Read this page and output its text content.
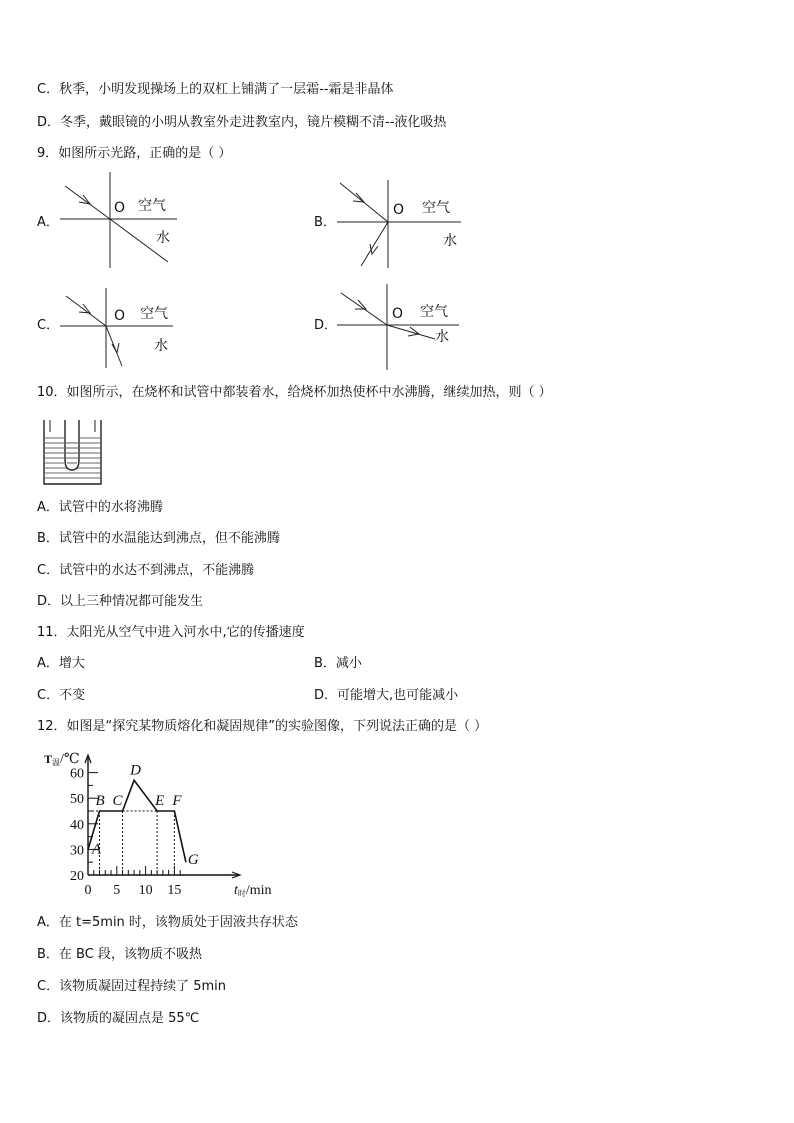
C．秋季，小明发现操场上的双杠上铺满了一层霜--霜是非晶体
D．冬季，戴眼镜的小明从教室外走进教室内，镜片模糊不清--液化吸热
9．如图所示光路，正确的是（ ）
A．
O 空气
水
B．
O 空气
水
C．
O 空气
水
D．
O 空气
水
10．如图所示，在烧杯和试管中都装着水，给烧杯加热使杯中水沸腾，继续加热，则（ ）
A．试管中的水将沸腾
B．试管中的水温能达到沸点，但不能沸腾
C．试管中的水达不到沸点，不能沸腾
D．以上三种情况都可能发生
11．太阳光从空气中进入河水中,它的传播速度
A．增大	B．减小
C．不变	D．可能增大,也可能减小
12．如图是“探究某物质熔化和凝固规律”的实验图像，下列说法正确的是（ ）
60
50
40
30
20
0 5 10 15
T温/℃
t时/min
A
B C
D
E F
G
A．在 t=5min 时，该物质处于固液共存状态
B．在 BC 段，该物质不吸热
C．该物质凝固过程持续了 5min
D．该物质的凝固点是 55℃
